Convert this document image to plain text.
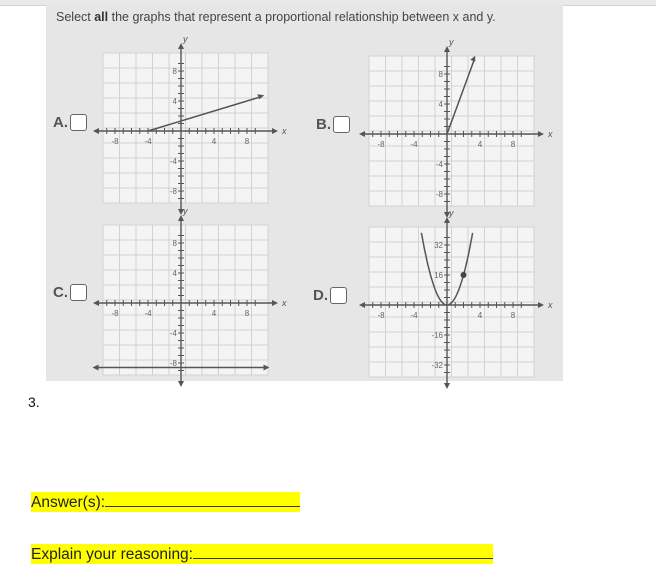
Select all the graphs that represent a proportional relationship between x and y.
A.
-8	-4	4	8
8
4
-4
-8
x
y
B.
-8	-4	4	8
8
4
-4
-8
x
y
C.
-8	-4	4	8
8
4
-4
-8
x
y
D.
-8	-4	4	8
32
16
-16
-32
x
y
3.
Answer(s):
Explain your reasoning:
